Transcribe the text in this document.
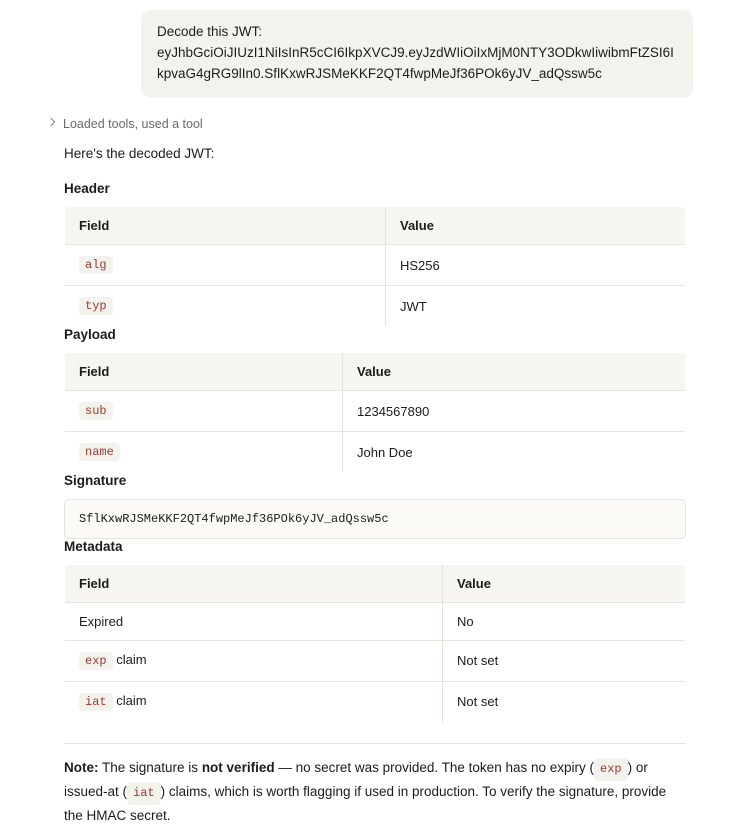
Decode this JWT:
eyJhbGciOiJIUzI1NiIsInR5cCI6IkpXVCJ9.eyJzdWIiOiIxMjM0NTY3ODkwIiwibmFtZSI6IkpvaG4gRG9lIn0.SflKxwRJSMeKKF2QT4fwpMeJf36POk6yJV_adQssw5c
Loaded tools, used a tool
Here's the decoded JWT:
Header
Field	Value
alg	HS256
typ	JWT
Payload
Field	Value
sub	1234567890
name	John Doe
Signature
SflKxwRJSMeKKF2QT4fwpMeJf36POk6yJV_adQssw5c
Metadata
Field	Value
Expired	No
exp claim	Not set
iat claim	Not set
Note: The signature is not verified — no secret was provided. The token has no expiry ( exp ) or issued-at ( iat ) claims, which is worth flagging if used in production. To verify the signature, provide the HMAC secret.
